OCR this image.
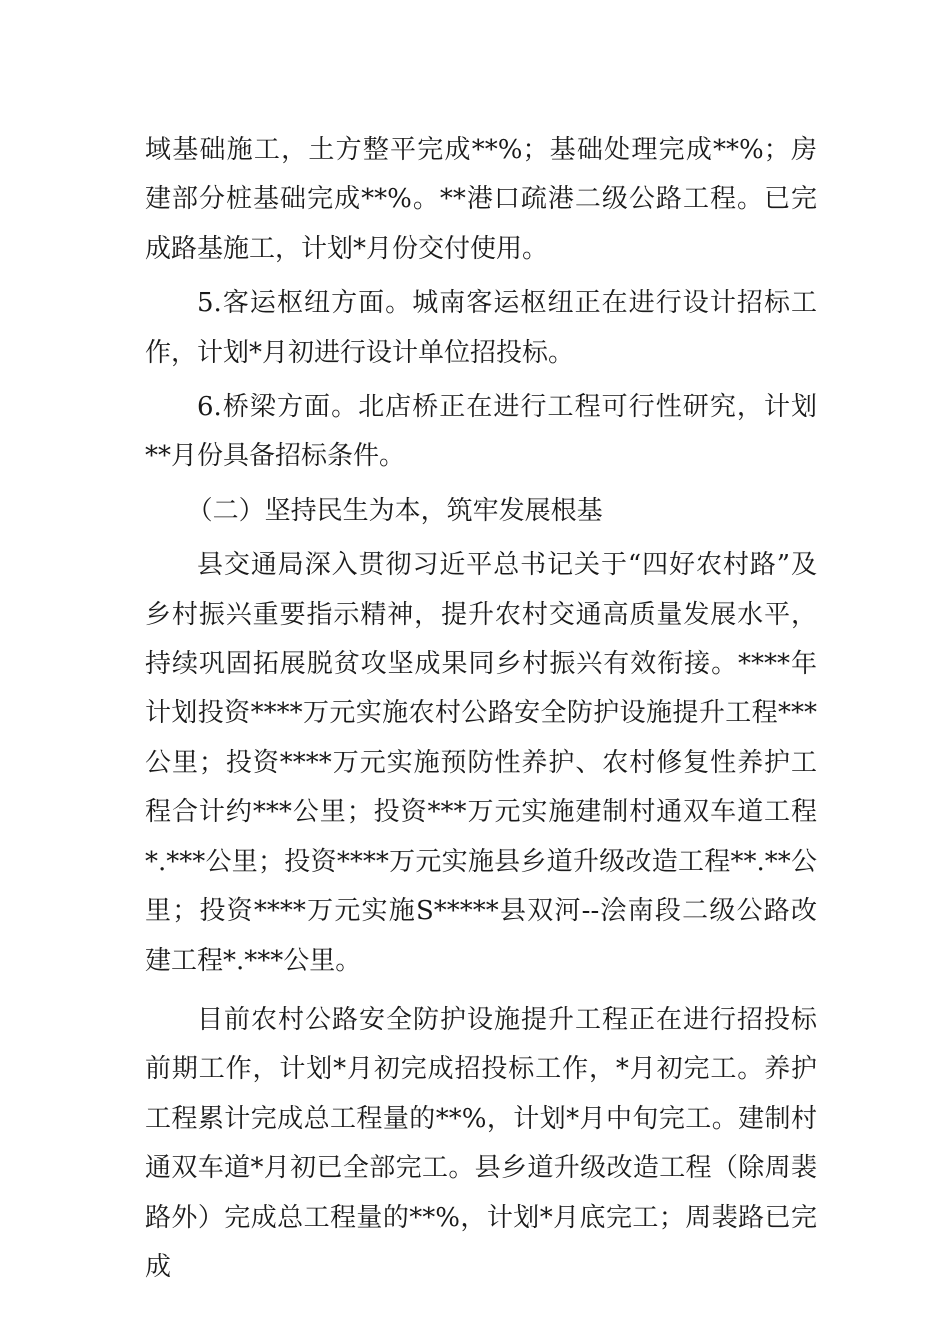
域基础施工，土方整平完成**%；基础处理完成**%；房建部分桩基础完成**%。**港口疏港二级公路工程。已完成路基施工，计划*月份交付使用。

5.客运枢纽方面。城南客运枢纽正在进行设计招标工作，计划*月初进行设计单位招投标。

6.桥梁方面。北店桥正在进行工程可行性研究，计划**月份具备招标条件。

（二）坚持民生为本，筑牢发展根基

县交通局深入贯彻习近平总书记关于“四好农村路”及乡村振兴重要指示精神，提升农村交通高质量发展水平，持续巩固拓展脱贫攻坚成果同乡村振兴有效衔接。****年计划投资****万元实施农村公路安全防护设施提升工程***公里；投资****万元实施预防性养护、农村修复性养护工程合计约***公里；投资***万元实施建制村通双车道工程*.***公里；投资****万元实施县乡道升级改造工程**.**公里；投资****万元实施S*****县双河--浍南段二级公路改建工程*.***公里。

目前农村公路安全防护设施提升工程正在进行招投标前期工作，计划*月初完成招投标工作，*月初完工。养护工程累计完成总工程量的**%，计划*月中旬完工。建制村通双车道*月初已全部完工。县乡道升级改造工程（除周裴路外）完成总工程量的**%，计划*月底完工；周裴路已完成
